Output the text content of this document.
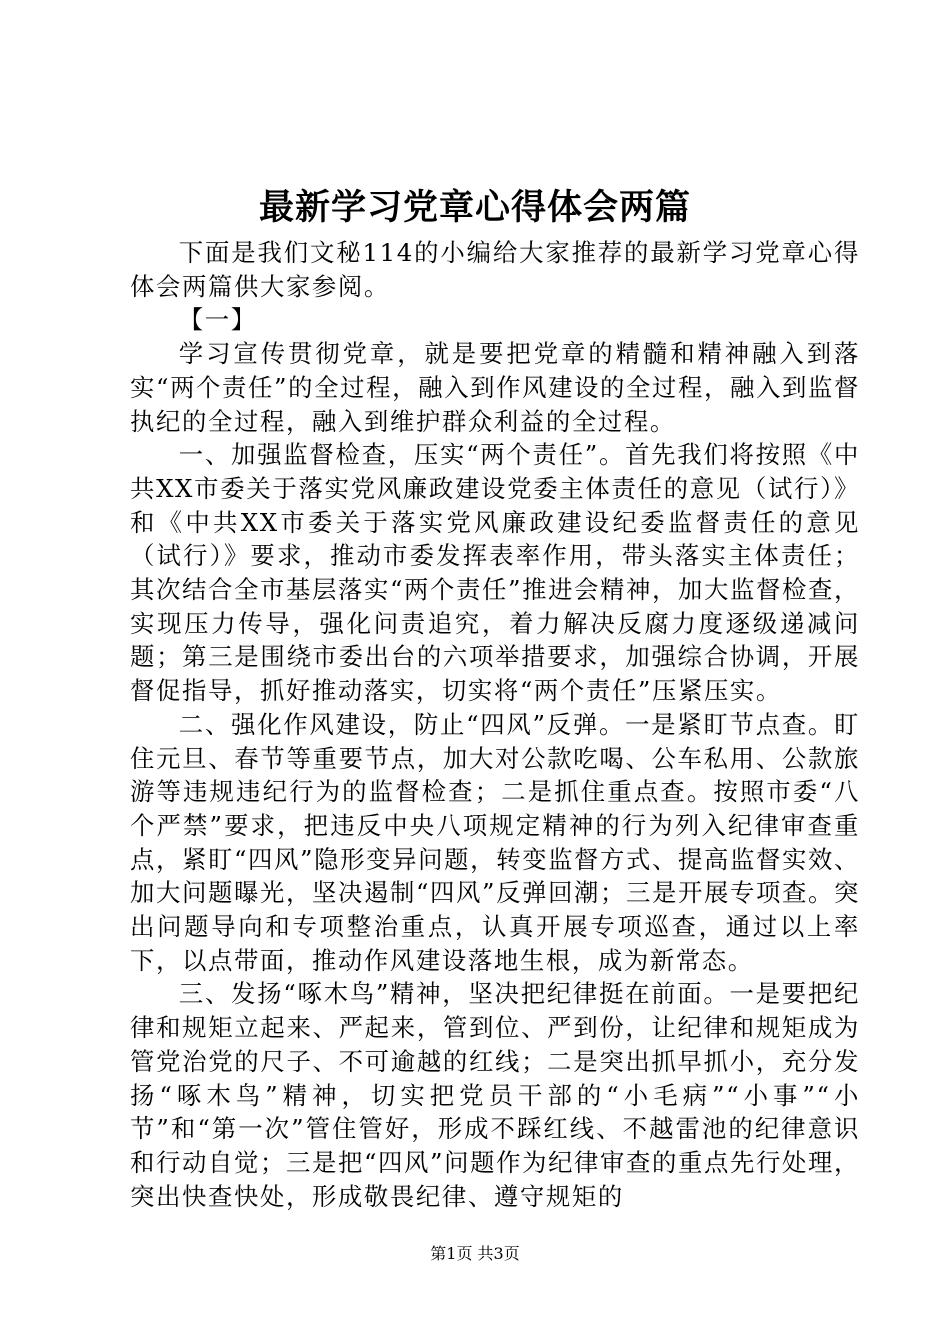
最新学习党章心得体会两篇

下面是我们文秘114的小编给大家推荐的最新学习党章心得体会两篇供大家参阅。

【一】

学习宣传贯彻党章，就是要把党章的精髓和精神融入到落实“两个责任”的全过程，融入到作风建设的全过程，融入到监督执纪的全过程，融入到维护群众利益的全过程。

一、加强监督检查，压实“两个责任”。首先我们将按照《中共XX市委关于落实党风廉政建设党委主体责任的意见（试行）》和《中共XX市委关于落实党风廉政建设纪委监督责任的意见（试行）》要求，推动市委发挥表率作用，带头落实主体责任；其次结合全市基层落实“两个责任”推进会精神，加大监督检查，实现压力传导，强化问责追究，着力解决反腐力度逐级递减问题；第三是围绕市委出台的六项举措要求，加强综合协调，开展督促指导，抓好推动落实，切实将“两个责任”压紧压实。

二、强化作风建设，防止“四风”反弹。一是紧盯节点查。盯住元旦、春节等重要节点，加大对公款吃喝、公车私用、公款旅游等违规违纪行为的监督检查；二是抓住重点查。按照市委“八个严禁”要求，把违反中央八项规定精神的行为列入纪律审查重点，紧盯“四风”隐形变异问题，转变监督方式、提高监督实效、加大问题曝光，坚决遏制“四风”反弹回潮；三是开展专项查。突出问题导向和专项整治重点，认真开展专项巡查，通过以上率下，以点带面，推动作风建设落地生根，成为新常态。

三、发扬“啄木鸟”精神，坚决把纪律挺在前面。一是要把纪律和规矩立起来、严起来，管到位、严到份，让纪律和规矩成为管党治党的尺子、不可逾越的红线；二是突出抓早抓小，充分发扬“啄木鸟”精神，切实把党员干部的“小毛病”“小事”“小节”和“第一次”管住管好，形成不踩红线、不越雷池的纪律意识和行动自觉；三是把“四风”问题作为纪律审查的重点先行处理，突出快查快处，形成敬畏纪律、遵守规矩的

第1页 共3页
